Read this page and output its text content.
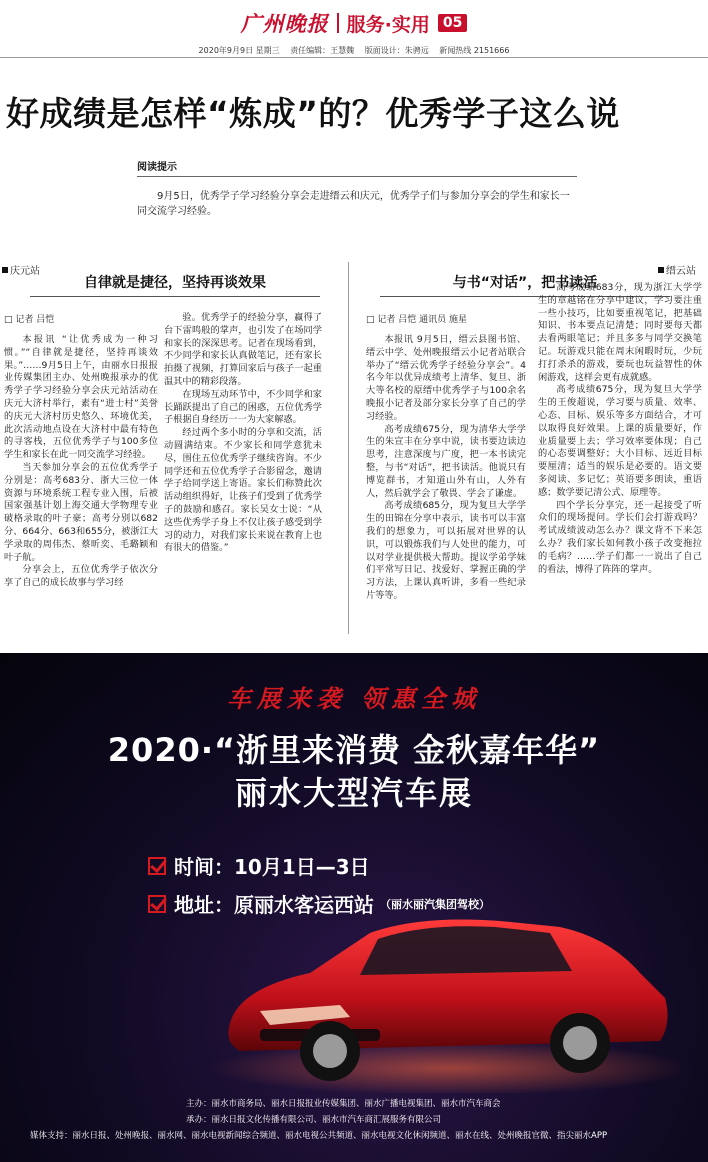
广州晚报 服务·实用 05
2020年9月9日 星期三 责任编辑：王慧魏 版面设计：朱骋远 新闻热线 2151666
好成绩是怎样“炼成”的？优秀学子这么说
阅读提示

9月5日，优秀学子学习经验分享会走进缙云和庆元，优秀学子们与参加分享会的学生和家长一同交流学习经验。

庆元站
自律就是捷径，坚持再谈效果
□ 记者 吕恺

本报讯 “让优秀成为一种习惯。”“自律就是捷径，坚持再谈效果。”……9月5日上午，由丽水日报报业传媒集团主办、处州晚报承办的优秀学子学习经验分享会庆元站活动在庆元大济村举行，素有“进士村”美誉的庆元大济村历史悠久、环境优美，此次活动地点设在大济村中最有特色的寻客栈，五位优秀学子与100多位学生和家长在此一同交流学习经验。

当天参加分享会的五位优秀学子分别是：高考683分、浙大三位一体资源与环境系统工程专业入围，后被国家强基计划上海交通大学物理专业破格录取的叶子豪；高考分别以682分、664分、663和655分，被浙江大学录取的周伟杰、蔡昕奕、毛璐颖和叶子航。

分享会上，五位优秀学子依次分享了自己的成长故事与学习经

验。优秀学子的经验分享，赢得了台下雷鸣般的掌声，也引发了在场同学和家长的深深思考。记者在现场看到，不少同学和家长认真做笔记，还有家长拍摄了视频，打算回家后与孩子一起重温其中的精彩段落。

在现场互动环节中，不少同学和家长踊跃提出了自己的困惑，五位优秀学子根据自身经历一一为大家解惑。

经过两个多小时的分享和交流，活动圆满结束。不少家长和同学意犹未尽，围住五位优秀学子继续咨询。不少同学还和五位优秀学子合影留念，邀请学子给同学送上寄语。家长们称赞此次活动组织得好，让孩子们受到了优秀学子的鼓励和感召。家长吴女士说：“从这些优秀学子身上不仅让孩子感受到学习的动力，对我们家长来说在教育上也有很大的借鉴。”

缙云站
与书“对话”，把书读活
□ 记者 吕恺 通讯员 施星

本报讯 9月5日，缙云县图书馆、缙云中学、处州晚报缙云小记者站联合举办了“缙云优秀学子经验分享会”。4名今年以优异成绩考上清华、复旦、浙大等名校的原缙中优秀学子与100余名晚报小记者及部分家长分享了自己的学习经验。

高考成绩675分，现为清华大学学生的朱宣丰在分享中说，读书要边读边思考，注意深度与广度，把一本书读完整，与书“对话”，把书读活。他说只有博览群书，才知道山外有山，人外有人，然后就学会了敬畏、学会了谦虚。

高考成绩685分，现为复旦大学学生的田锦在分享中表示，读书可以丰富我们的想象力，可以拓展对世界的认识，可以锻炼我们与人处世的能力，可以对学业提供极大帮助。提议学弟学妹们平常写日记、找爱好、掌握正确的学习方法，上课认真听讲，多看一些纪录片等等。

高考成绩683分，现为浙江大学学生的章越铭在分享中建议，学习要注重一些小技巧，比如要重视笔记，把基础知识、书本要点记清楚；同时要每天都去看两眼笔记；并且多多与同学交换笔记。玩游戏只能在周末闲暇时玩，少玩打打杀杀的游戏，要玩也玩益智性的休闲游戏，这样会更有成就感。

高考成绩675分，现为复旦大学学生的王俊超说，学习要与质量、效率、心态、目标、娱乐等多方面结合，才可以取得良好效果。上课的质量要好，作业质量要上去；学习效率要体现；自己的心态要调整好；大小目标、远近目标要厘清；适当的娱乐是必要的。语文要多阅读、多记忆；英语要多朗读，重语感；数学要记清公式、原理等。

四个学长分享完，还一起接受了听众们的现场提问。学长们会打游戏吗？考试成绩波动怎么办？课文背不下来怎么办？我们家长如何教小孩子改变拖拉的毛病？……学子们都一一说出了自己的看法，博得了阵阵的掌声。

车展来袭 领惠全城
2020·“浙里来消费 金秋嘉年华”
丽水大型汽车展
时间：10月1日—3日
地址：原丽水客运西站 （丽水丽汽集团驾校）
主办：丽水市商务局、丽水日报报业传媒集团、丽水广播电视集团、丽水市汽车商会
承办：丽水日报文化传播有限公司、丽水市汽车商汇展服务有限公司
媒体支持：丽水日报、处州晚报、丽水网、丽水电视新闻综合频道、丽水电视公共频道、丽水电视文化休闲频道、丽水在线、处州晚报官微、指尖丽水APP
